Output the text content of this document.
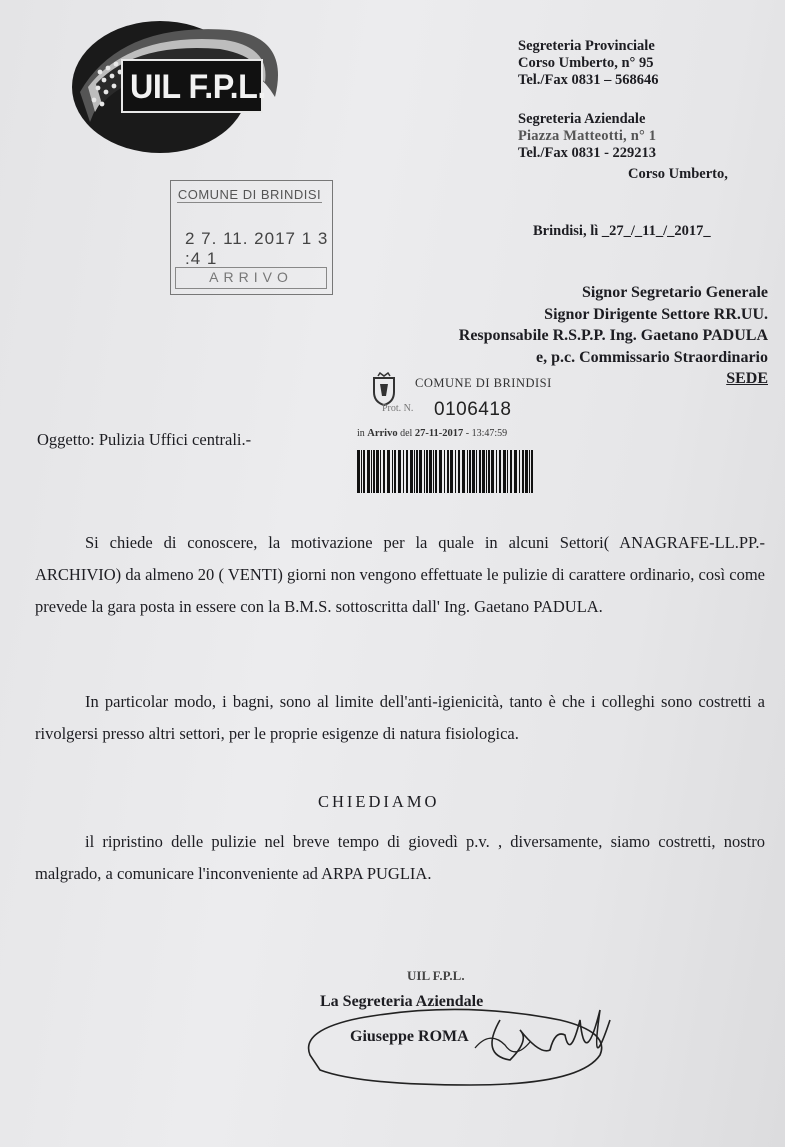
UIL F.P.L.
Segreteria Provinciale
Corso Umberto, n° 95
Tel./Fax 0831 – 568646
Segreteria Aziendale
Piazza Matteotti, n° 1
Tel./Fax 0831 - 229213
Corso Umberto,
COMUNE DI BRINDISI
2 7. 11. 2017 1 3 :4 1
ARRIVO
Brindisi, lì _27_/_11_/_2017_
Signor Segretario Generale
Signor Dirigente Settore RR.UU.
Responsabile R.S.P.P. Ing. Gaetano PADULA
e, p.c. Commissario Straordinario
SEDE
COMUNE DI BRINDISI
Prot. N. 0106418
in Arrivo del 27-11-2017 - 13:47:59
Oggetto: Pulizia Uffici centrali.-
Si chiede di conoscere, la motivazione per la quale in alcuni Settori( ANAGRAFE-LL.PP.- ARCHIVIO) da almeno 20 ( VENTI) giorni non vengono effettuate le pulizie di carattere ordinario, così come prevede la gara posta in essere con la B.M.S. sottoscritta dall' Ing. Gaetano PADULA.
In particolar modo, i bagni, sono al limite dell'anti-igienicità, tanto è che i colleghi sono costretti a rivolgersi presso altri settori, per le proprie esigenze di natura fisiologica.
CHIEDIAMO
il ripristino delle pulizie nel breve tempo di giovedì p.v. , diversamente, siamo costretti, nostro malgrado, a comunicare l'inconveniente ad ARPA PUGLIA.
UIL F.P.L.
La Segreteria Aziendale
Giuseppe ROMA
